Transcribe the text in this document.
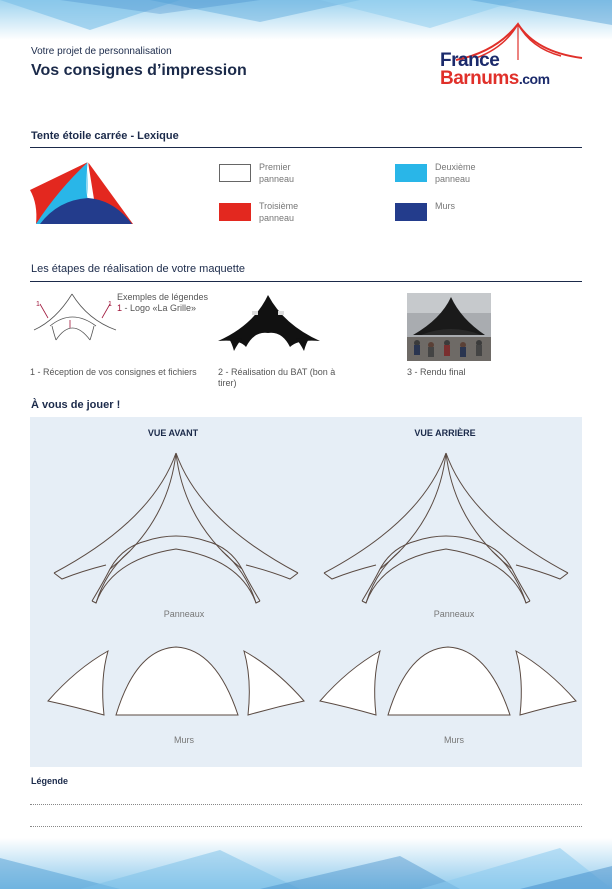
Votre projet de personnalisation
Vos consignes d’impression	France
Barnums.com
Tente étoile carrée - Lexique
Premier
panneau
Deuxième
panneau
Troisième
panneau
Murs
Les étapes de réalisation de votre maquette
1	1
Exemples de légendes
1 - Logo «La Grille»
1 - Réception de vos consignes et fichiers 2 - Réalisation du BAT (bon à
tirer)
3 - Rendu final
À vous de jouer !
VUE AVANT	VUE ARRIÈRE
Panneaux	Panneaux
Murs	Murs
Légende
